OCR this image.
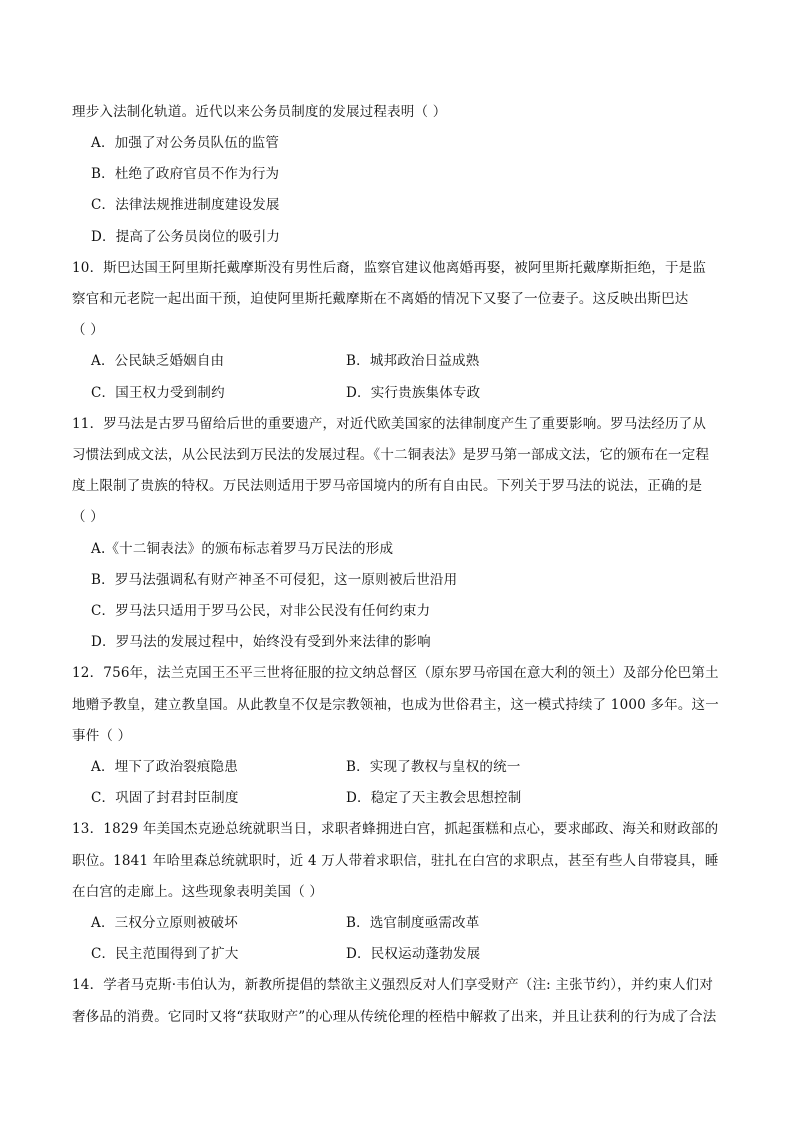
理步入法制化轨道。近代以来公务员制度的发展过程表明（ ）
A．加强了对公务员队伍的监管
B．杜绝了政府官员不作为行为
C．法律法规推进制度建设发展
D．提高了公务员岗位的吸引力
10．斯巴达国王阿里斯托戴摩斯没有男性后裔，监察官建议他离婚再娶，被阿里斯托戴摩斯拒绝，于是监
察官和元老院一起出面干预，迫使阿里斯托戴摩斯在不离婚的情况下又娶了一位妻子。这反映出斯巴达
（ ）
A．公民缺乏婚姻自由	B．城邦政治日益成熟
C．国王权力受到制约	D．实行贵族集体专政
11．罗马法是古罗马留给后世的重要遗产，对近代欧美国家的法律制度产生了重要影响。罗马法经历了从
习惯法到成文法，从公民法到万民法的发展过程。《十二铜表法》是罗马第一部成文法，它的颁布在一定程
度上限制了贵族的特权。万民法则适用于罗马帝国境内的所有自由民。下列关于罗马法的说法，正确的是
（ ）
A.《十二铜表法》的颁布标志着罗马万民法的形成
B．罗马法强调私有财产神圣不可侵犯，这一原则被后世沿用
C．罗马法只适用于罗马公民，对非公民没有任何约束力
D．罗马法的发展过程中，始终没有受到外来法律的影响
12．756年，法兰克国王丕平三世将征服的拉文纳总督区（原东罗马帝国在意大利的领土）及部分伦巴第土
地赠予教皇，建立教皇国。从此教皇不仅是宗教领袖，也成为世俗君主，这一模式持续了 1000 多年。这一
事件（ ）
A．埋下了政治裂痕隐患	B．实现了教权与皇权的统一
C．巩固了封君封臣制度	D．稳定了天主教会思想控制
13．1829 年美国杰克逊总统就职当日，求职者蜂拥进白宫，抓起蛋糕和点心，要求邮政、海关和财政部的
职位。1841 年哈里森总统就职时，近 4 万人带着求职信，驻扎在白宫的求职点，甚至有些人自带寝具，睡
在白宫的走廊上。这些现象表明美国（ ）
A．三权分立原则被破坏	B．选官制度亟需改革
C．民主范围得到了扩大	D．民权运动蓬勃发展
14．学者马克斯·韦伯认为，新教所提倡的禁欲主义强烈反对人们享受财产（注: 主张节约），并约束人们对
奢侈品的消费。它同时又将“获取财产”的心理从传统伦理的桎梏中解救了出来，并且让获利的行为成了合法
